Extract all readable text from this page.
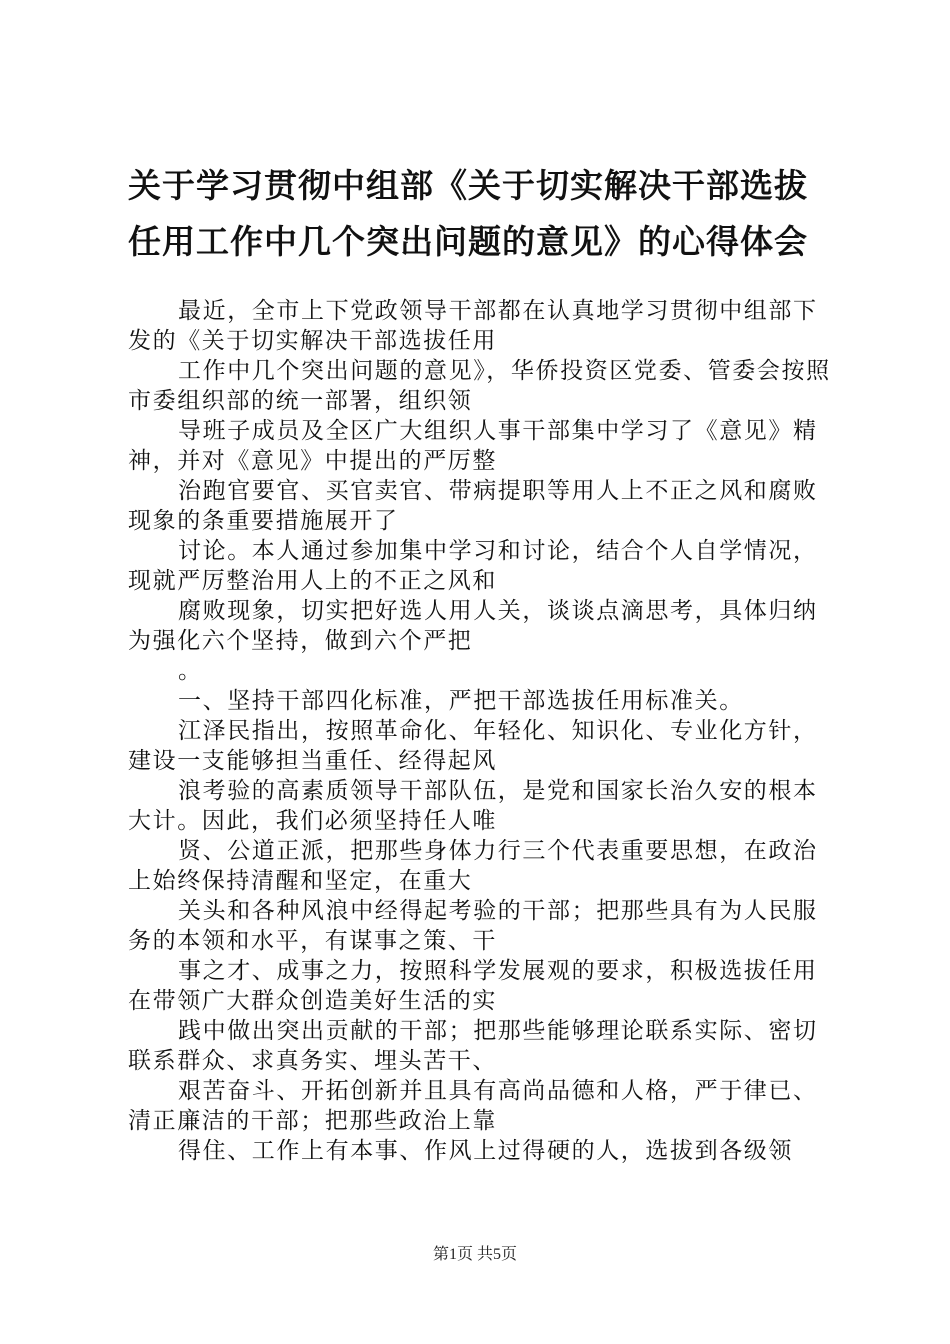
关于学习贯彻中组部《关于切实解决干部选拔
任用工作中几个突出问题的意见》的心得体会

最近，全市上下党政领导干部都在认真地学习贯彻中组部下发的《关于切实解决干部选拔任用

工作中几个突出问题的意见》，华侨投资区党委、管委会按照市委组织部的统一部署，组织领

导班子成员及全区广大组织人事干部集中学习了《意见》精神，并对《意见》中提出的严厉整

治跑官要官、买官卖官、带病提职等用人上不正之风和腐败现象的条重要措施展开了

讨论。本人通过参加集中学习和讨论，结合个人自学情况，现就严厉整治用人上的不正之风和

腐败现象，切实把好选人用人关，谈谈点滴思考，具体归纳为强化六个坚持，做到六个严把

。

一、坚持干部四化标准，严把干部选拔任用标准关。

江泽民指出，按照革命化、年轻化、知识化、专业化方针，建设一支能够担当重任、经得起风

浪考验的高素质领导干部队伍，是党和国家长治久安的根本大计。因此，我们必须坚持任人唯

贤、公道正派，把那些身体力行三个代表重要思想，在政治上始终保持清醒和坚定，在重大

关头和各种风浪中经得起考验的干部；把那些具有为人民服务的本领和水平，有谋事之策、干

事之才、成事之力，按照科学发展观的要求，积极选拔任用在带领广大群众创造美好生活的实

践中做出突出贡献的干部；把那些能够理论联系实际、密切联系群众、求真务实、埋头苦干、

艰苦奋斗、开拓创新并且具有高尚品德和人格，严于律已、清正廉洁的干部；把那些政治上靠

得住、工作上有本事、作风上过得硬的人，选拔到各级领

第1页 共5页
